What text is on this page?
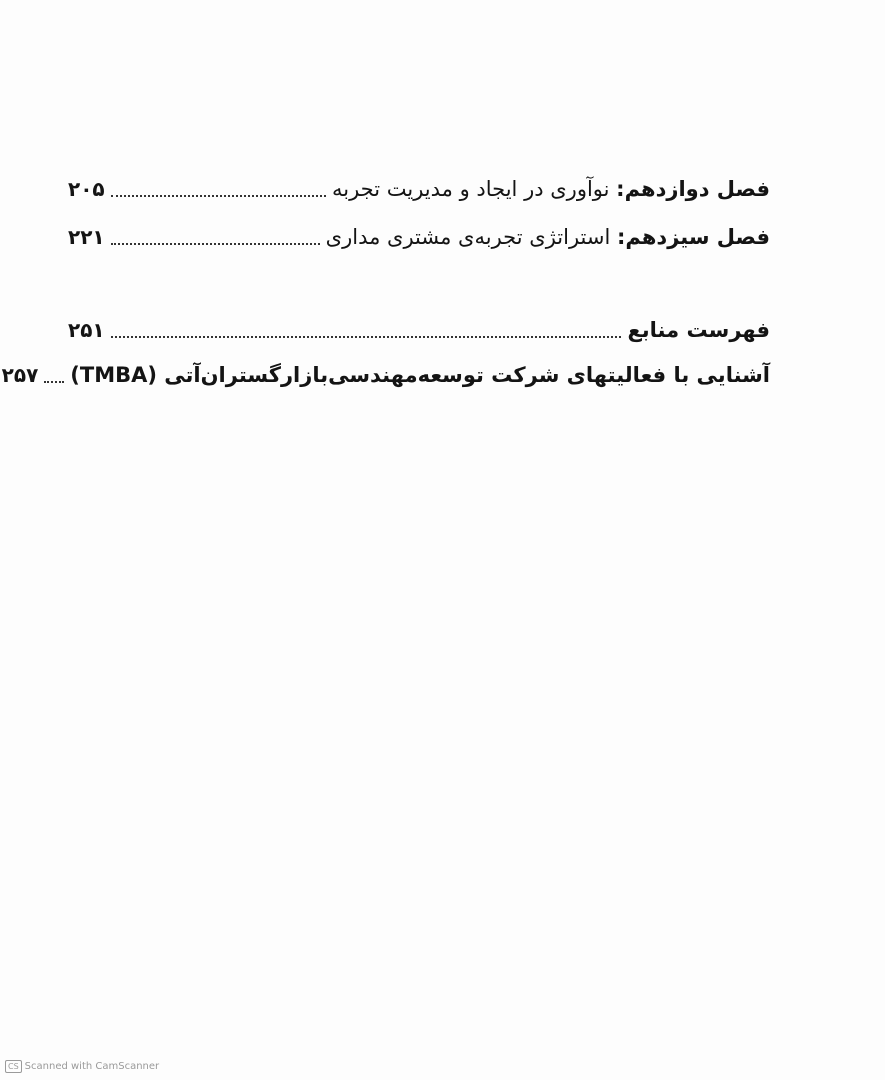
فصل دوازدهم: نوآوری در ایجاد و مدیریت تجربه
۲۰۵
فصل سیزدهم: استراتژی تجربه‌ی مشتری مداری
۲۲۱
فهرست منابع
۲۵۱
آشنایی با فعالیتهای شرکت توسعه‌مهندسی‌بازارگستران‌آتی (TMBA)
۲۵۷
CS Scanned with CamScanner
